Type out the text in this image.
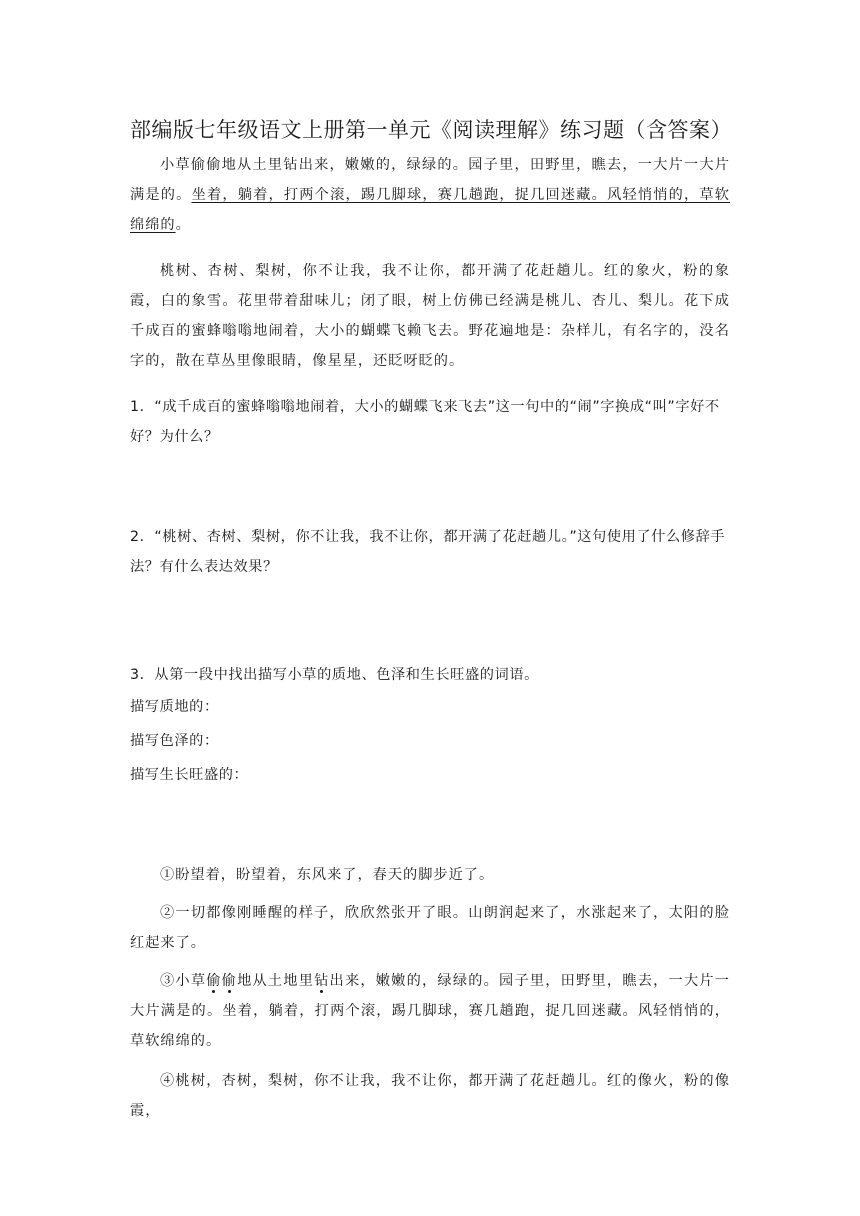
部编版七年级语文上册第一单元《阅读理解》练习题（含答案）
小草偷偷地从土里钻出来，嫩嫩的，绿绿的。园子里，田野里，瞧去，一大片一大片满是的。坐着，躺着，打两个滚，踢几脚球，赛几趟跑，捉几回迷藏。风轻悄悄的，草软绵绵的。
桃树、杏树、梨树，你不让我，我不让你，都开满了花赶趟儿。红的象火，粉的象霞，白的象雪。花里带着甜味儿；闭了眼，树上仿佛已经满是桃儿、杏儿、梨儿。花下成千成百的蜜蜂嗡嗡地闹着，大小的蝴蝶飞赖飞去。野花遍地是：杂样儿，有名字的，没名字的，散在草丛里像眼睛，像星星，还眨呀眨的。
1．“成千成百的蜜蜂嗡嗡地闹着，大小的蝴蝶飞来飞去”这一句中的“闹”字换成“叫”字好不好？为什么？
2．“桃树、杏树、梨树，你不让我，我不让你，都开满了花赶趟儿。”这句使用了什么修辞手法？有什么表达效果？
3．从第一段中找出描写小草的质地、色泽和生长旺盛的词语。
描写质地的：
描写色泽的：
描写生长旺盛的：
①盼望着，盼望着，东风来了，春天的脚步近了。
②一切都像刚睡醒的样子，欣欣然张开了眼。山朗润起来了，水涨起来了，太阳的脸红起来了。
③小草偷偷地从土地里钻出来，嫩嫩的，绿绿的。园子里，田野里，瞧去，一大片一大片满是的。坐着，躺着，打两个滚，踢几脚球，赛几趟跑，捉几回迷藏。风轻悄悄的，草软绵绵的。
④桃树，杏树，梨树，你不让我，我不让你，都开满了花赶趟儿。红的像火，粉的像霞，
